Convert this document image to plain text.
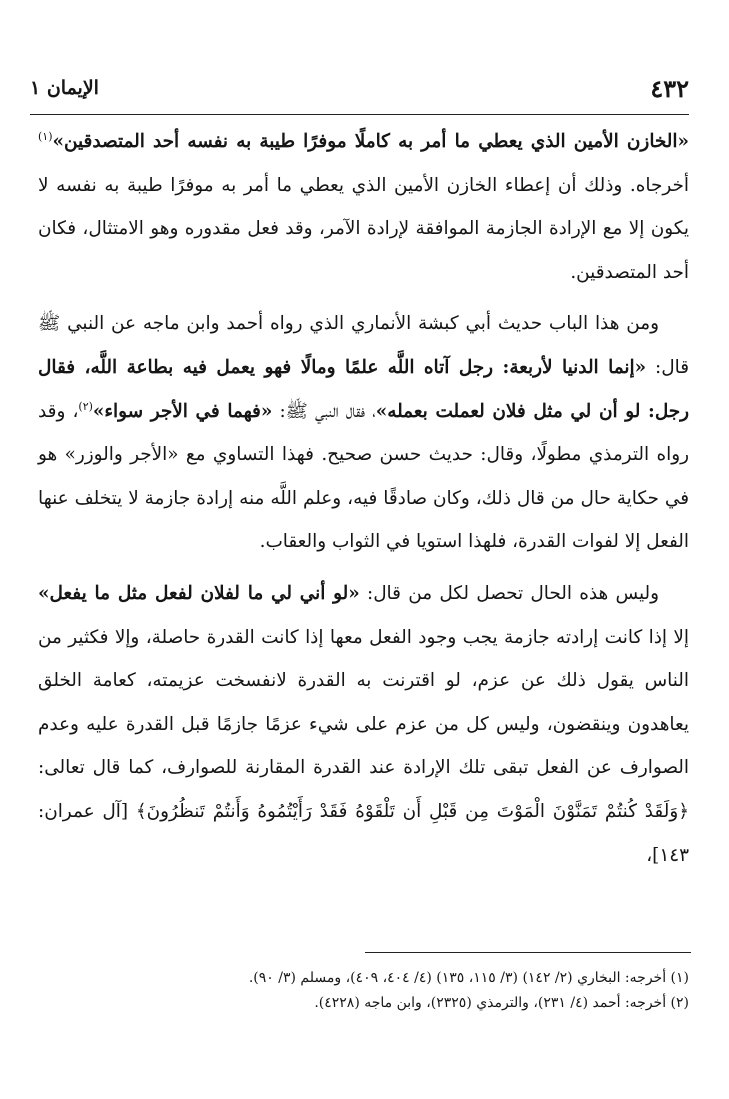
٤٣٢
الإيمان ١

«الخازن الأمين الذي يعطي ما أمر به كاملًا موفرًا طيبة به نفسه أحد المتصدقين»$^{(١)}$ أخرجاه. وذلك أن إعطاء الخازن الأمين الذي يعطي ما أمر به موفرًا طيبة به نفسه لا يكون إلا مع الإرادة الجازمة الموافقة لإرادة الآمر، وقد فعل مقدوره وهو الامتثال، فكان أحد المتصدقين.

ومن هذا الباب حديث أبي كبشة الأنماري الذي رواه أحمد وابن ماجه عن النبي ﷺ قال: «إنما الدنيا لأربعة: رجل آتاه اللَّه علمًا ومالًا فهو يعمل فيه بطاعة اللَّه، فقال رجل: لو أن لي مثل فلان لعملت بعمله»، فقال النبي ﷺ: «فهما في الأجر سواء»$^{(٢)}$، وقد رواه الترمذي مطولًا، وقال: حديث حسن صحيح. فهذا التساوي مع «الأجر والوزر» هو في حكاية حال من قال ذلك، وكان صادقًا فيه، وعلم اللَّه منه إرادة جازمة لا يتخلف عنها الفعل إلا لفوات القدرة، فلهذا استويا في الثواب والعقاب.

وليس هذه الحال تحصل لكل من قال: «لو أني لي ما لفلان لفعل مثل ما يفعل» إلا إذا كانت إرادته جازمة يجب وجود الفعل معها إذا كانت القدرة حاصلة، وإلا فكثير من الناس يقول ذلك عن عزم، لو اقترنت به القدرة لانفسخت عزيمته، كعامة الخلق يعاهدون وينقضون، وليس كل من عزم على شيء عزمًا جازمًا قبل القدرة عليه وعدم الصوارف عن الفعل تبقى تلك الإرادة عند القدرة المقارنة للصوارف، كما قال تعالى: ﴿وَلَقَدْ كُنتُمْ تَمَنَّوْنَ الْمَوْتَ مِن قَبْلِ أَن تَلْقَوْهُ فَقَدْ رَأَيْتُمُوهُ وَأَنتُمْ تَنظُرُونَ﴾ [آل عمران: ١٤٣]،

(١) أخرجه: البخاري (٢/ ١٤٢) (٣/ ١١٥، ١٣٥) (٤/ ٤٠٤، ٤٠٩)، ومسلم (٣/ ٩٠).

(٢) أخرجه: أحمد (٤/ ٢٣١)، والترمذي (٢٣٢٥)، وابن ماجه (٤٢٢٨).
